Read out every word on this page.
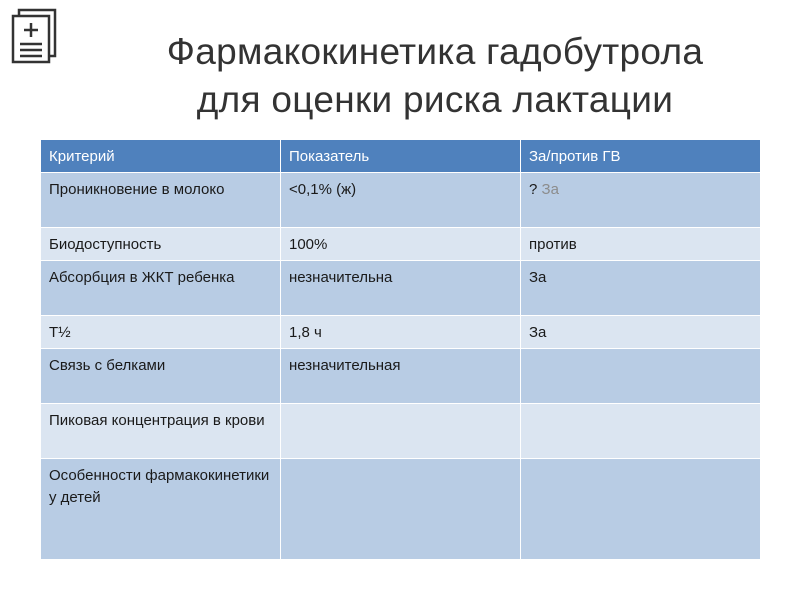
Фармакокинетика гадобутрола
для оценки риска лактации
Критерий	Показатель	За/против ГВ
Проникновение в молоко	<0,1% (ж)	? За
Биодоступность	100%	против
Абсорбция в ЖКТ ребенка	незначительна	За
T½	1,8 ч	За
Связь с белками	незначительная	
Пиковая концентрация в крови		
Особенности фармакокинетики у детей		
